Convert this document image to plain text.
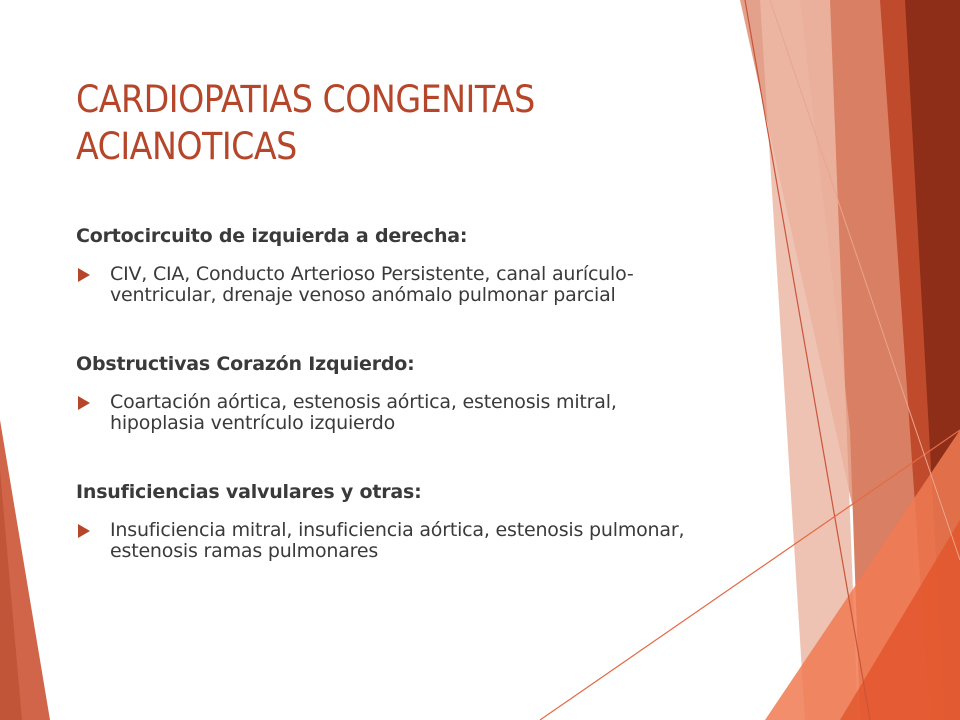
CARDIOPATIAS CONGENITAS ACIANOTICAS
Cortocircuito de izquierda a derecha:
CIV, CIA, Conducto Arterioso Persistente, canal aurículo-ventricular, drenaje venoso anómalo pulmonar parcial
Obstructivas Corazón Izquierdo:
Coartación aórtica, estenosis aórtica, estenosis mitral, hipoplasia ventrículo izquierdo
Insuficiencias valvulares y otras:
Insuficiencia mitral, insuficiencia aórtica, estenosis pulmonar, estenosis ramas pulmonares
